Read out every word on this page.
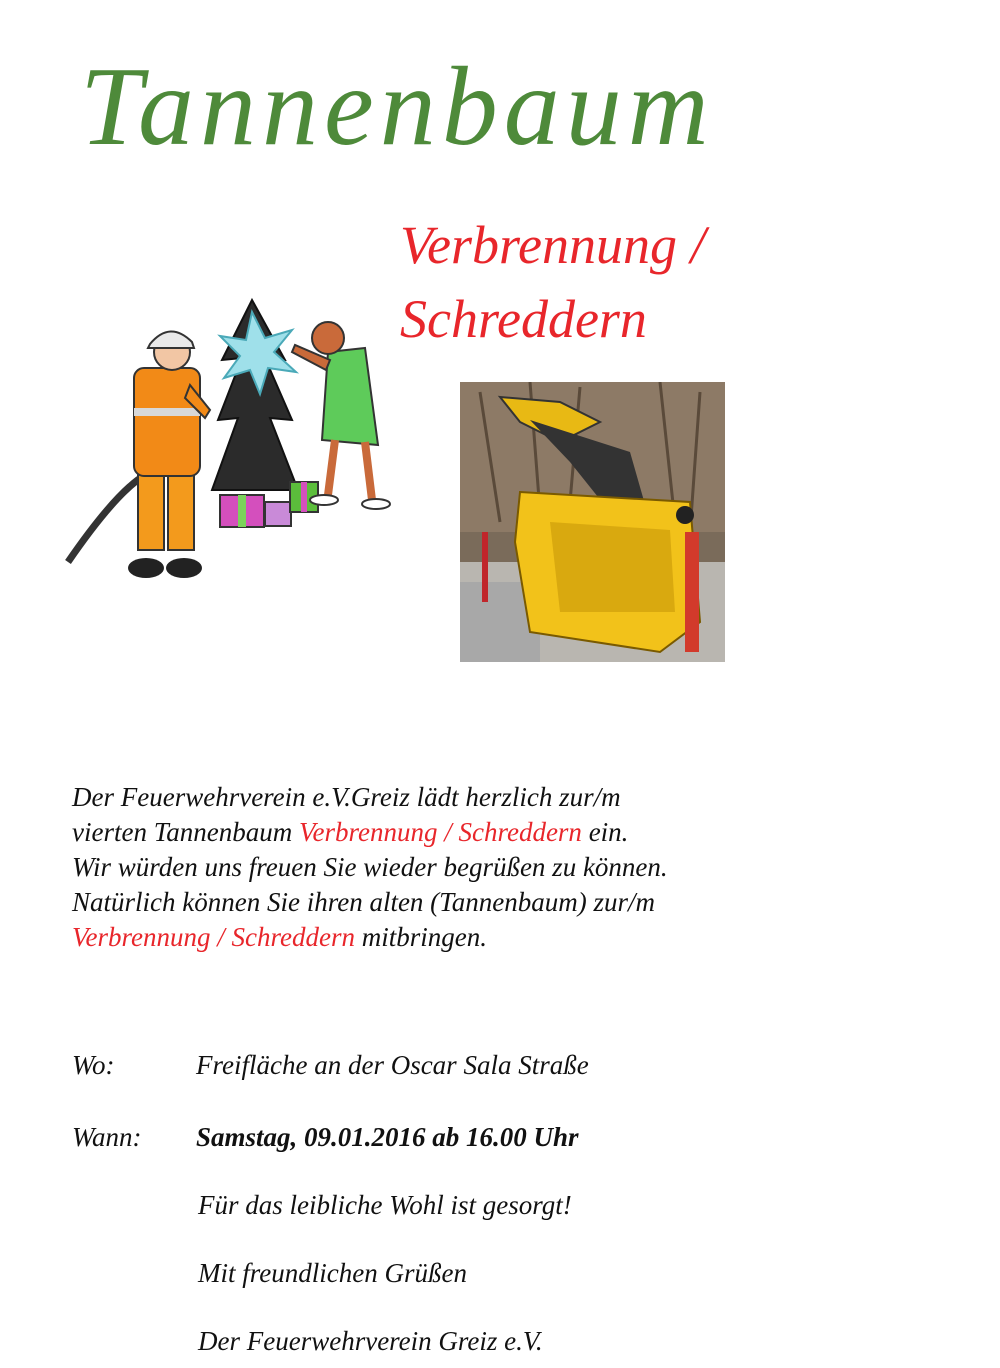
Tannenbaum
Verbrennung /
Schreddern
Der Feuerwehrverein e.V.Greiz lädt herzlich zur/m
vierten Tannenbaum Verbrennung / Schreddern ein.
Wir würden uns freuen Sie wieder begrüßen zu können.
Natürlich können Sie ihren alten (Tannenbaum) zur/m
Verbrennung / Schreddern mitbringen.
Wo:	Freifläche an der Oscar Sala Straße
Wann: Samstag, 09.01.2016 ab 16.00 Uhr
Für das leibliche Wohl ist gesorgt!
Mit freundlichen Grüßen
Der Feuerwehrverein Greiz e.V.
